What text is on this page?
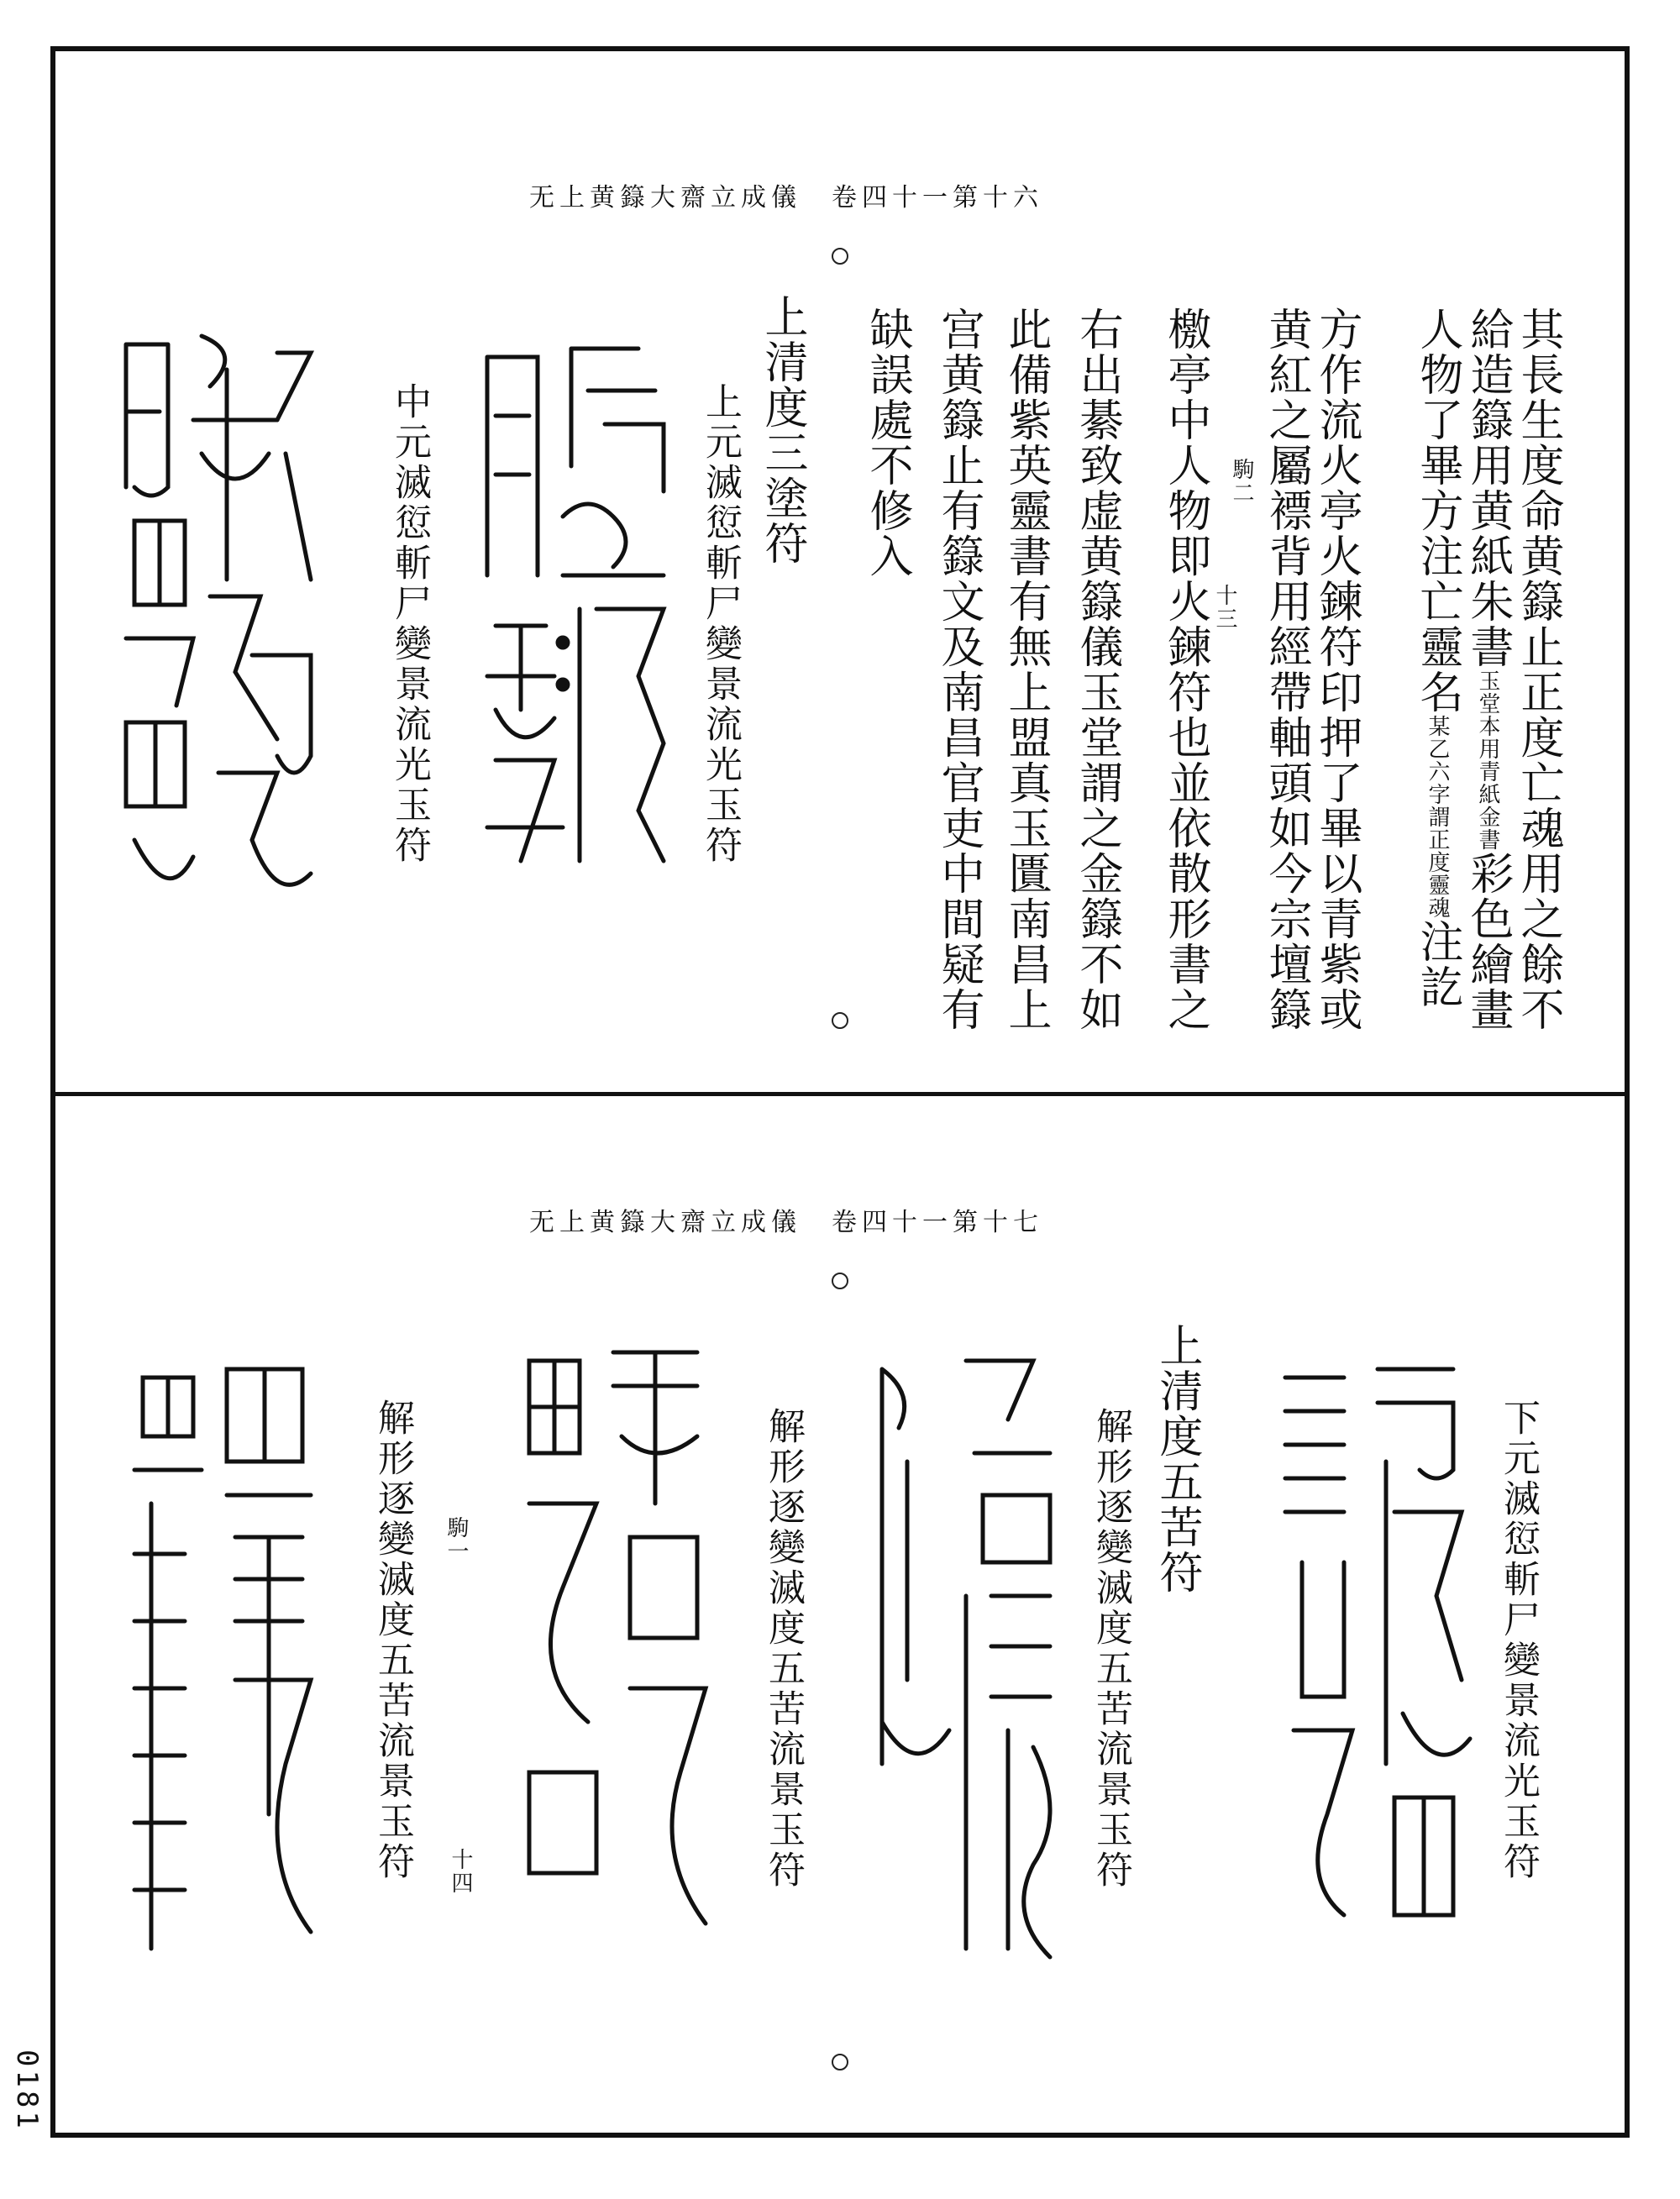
无上黄籙大齋立成儀　卷四十一第十六
其長生度命黄籙止正度亡魂用之餘不
給造籙用黄紙朱書玉堂本用青紙金書彩色繪畫
人物了畢方注亡靈名某乙六字謂正度靈魂注訖
方作流火亭火鍊符印押了畢以青紫或
黄紅之屬褾背用經帶軸頭如今宗壇籙
十三
檄亭中人物即火鍊符也並依散形書之
右出綦致虚黄籙儀玉堂謂之金籙不如
此備紫英靈書有無上盟真玉匱南昌上
宫黄籙止有籙文及南昌官吏中間疑有
缺誤處不修入	駒二
上清度三塗符
上元滅愆斬尸變景流光玉符
中元滅愆斬尸變景流光玉符
无上黄籙大齋立成儀　卷四十一第十七
下元滅愆斬尸變景流光玉符
上清度五苦符
解形逐變滅度五苦流景玉符
解形逐變滅度五苦流景玉符
解形逐變滅度五苦流景玉符 駒一
十四
0181
